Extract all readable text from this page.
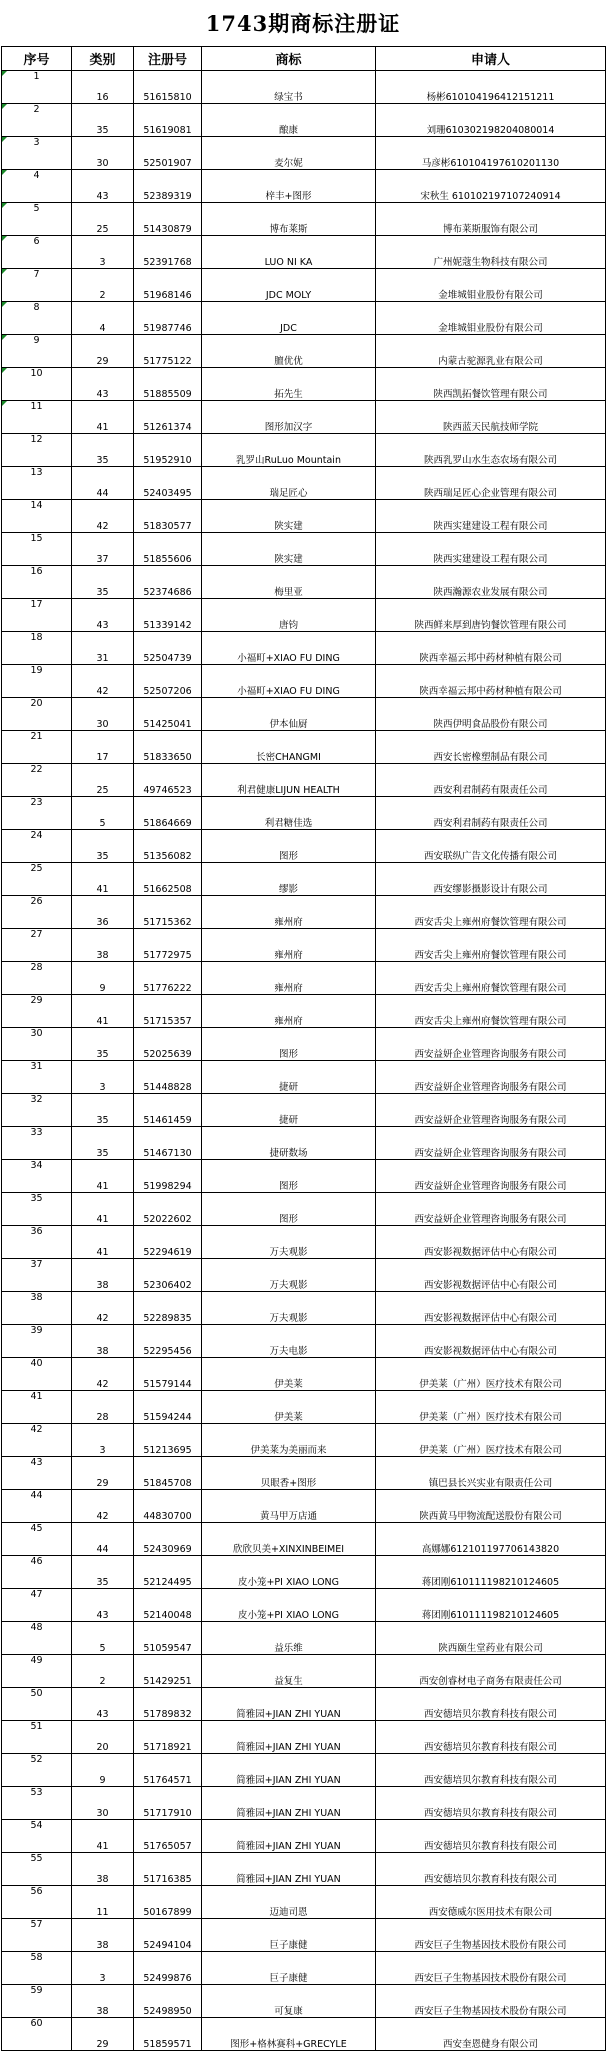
1743期商标注册证
序号	类别	注册号	商标	申请人
1	16	51615810	绿宝书	杨彬610104196412151211
2	35	51619081	酿康	刘珊610302198204080014
3	30	52501907	麦尔妮	马彦彬610104197610201130
4	43	52389319	梓丰+图形	宋秋生 610102197107240914
5	25	51430879	博布莱斯	博布莱斯服饰有限公司
6	3	52391768	LUO NI KA	广州妮蔻生物科技有限公司
7	2	51968146	JDC MOLY	金堆城钼业股份有限公司
8	4	51987746	JDC	金堆城钼业股份有限公司
9	29	51775122	膻优优	内蒙古驼源乳业有限公司
10	43	51885509	拓先生	陕西凯拓餐饮管理有限公司
11	41	51261374	图形加汉字	陕西蓝天民航技师学院
12	35	51952910	乳罗山RuLuo Mountain	陕西乳罗山水生态农场有限公司
13	44	52403495	瑞足匠心	陕西瑞足匠心企业管理有限公司
14	42	51830577	陕实建	陕西实建建设工程有限公司
15	37	51855606	陕实建	陕西实建建设工程有限公司
16	35	52374686	梅里亚	陕西瀚源农业发展有限公司
17	43	51339142	唐钧	陕西鲜来厚到唐钧餐饮管理有限公司
18	31	52504739	小福町+XIAO FU DING	陕西幸福云邦中药材种植有限公司
19	42	52507206	小福町+XIAO FU DING	陕西幸福云邦中药材种植有限公司
20	30	51425041	伊本仙厨	陕西伊明食品股份有限公司
21	17	51833650	长密CHANGMI	西安长密橡塑制品有限公司
22	25	49746523	利君健康LIJUN HEALTH	西安利君制药有限责任公司
23	5	51864669	利君糖佳选	西安利君制药有限责任公司
24	35	51356082	图形	西安联纵广告文化传播有限公司
25	41	51662508	缪影	西安缪影摄影设计有限公司
26	36	51715362	雍州府	西安舌尖上雍州府餐饮管理有限公司
27	38	51772975	雍州府	西安舌尖上雍州府餐饮管理有限公司
28	9	51776222	雍州府	西安舌尖上雍州府餐饮管理有限公司
29	41	51715357	雍州府	西安舌尖上雍州府餐饮管理有限公司
30	35	52025639	图形	西安益妍企业管理咨询服务有限公司
31	3	51448828	捷研	西安益妍企业管理咨询服务有限公司
32	35	51461459	捷研	西安益妍企业管理咨询服务有限公司
33	35	51467130	捷研数场	西安益妍企业管理咨询服务有限公司
34	41	51998294	图形	西安益妍企业管理咨询服务有限公司
35	41	52022602	图形	西安益妍企业管理咨询服务有限公司
36	41	52294619	万夫观影	西安影视数据评估中心有限公司
37	38	52306402	万夫观影	西安影视数据评估中心有限公司
38	42	52289835	万夫观影	西安影视数据评估中心有限公司
39	38	52295456	万夫电影	西安影视数据评估中心有限公司
40	42	51579144	伊美莱	伊美莱（广州）医疗技术有限公司
41	28	51594244	伊美莱	伊美莱（广州）医疗技术有限公司
42	3	51213695	伊美莱为美丽而来	伊美莱（广州）医疗技术有限公司
43	29	51845708	贝眼香+图形	镇巴县长兴实业有限责任公司
44	42	44830700	黄马甲万店通	陕西黄马甲物流配送股份有限公司
45	44	52430969	欣欣贝美+XINXINBEIMEI	高娜娜612101197706143820
46	35	52124495	皮小笼+PI XIAO LONG	蒋团刚610111198210124605
47	43	52140048	皮小笼+PI XIAO LONG	蒋团刚610111198210124605
48	5	51059547	益乐维	陕西颐生堂药业有限公司
49	2	51429251	益复生	西安创睿材电子商务有限责任公司
50	43	51789832	简雅园+JIAN ZHI YUAN	西安德培贝尔教育科技有限公司
51	20	51718921	简雅园+JIAN ZHI YUAN	西安德培贝尔教育科技有限公司
52	9	51764571	简雅园+JIAN ZHI YUAN	西安德培贝尔教育科技有限公司
53	30	51717910	简雅园+JIAN ZHI YUAN	西安德培贝尔教育科技有限公司
54	41	51765057	简雅园+JIAN ZHI YUAN	西安德培贝尔教育科技有限公司
55	38	51716385	简雅园+JIAN ZHI YUAN	西安德培贝尔教育科技有限公司
56	11	50167899	迈迪司恩	西安德威尔医用技术有限公司
57	38	52494104	巨子康健	西安巨子生物基因技术股份有限公司
58	3	52499876	巨子康健	西安巨子生物基因技术股份有限公司
59	38	52498950	可复康	西安巨子生物基因技术股份有限公司
60	29	51859571	图形+格林赛科+GRECYLE	西安奎恩健身有限公司
